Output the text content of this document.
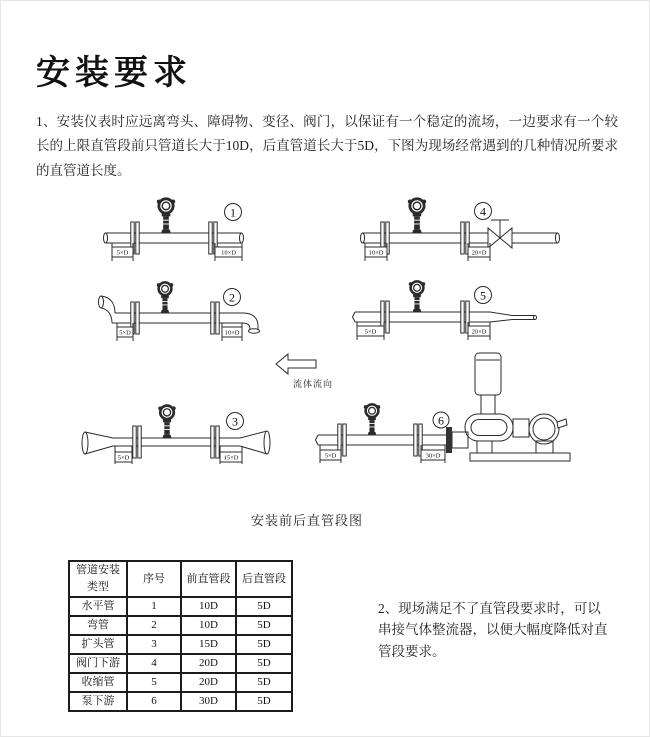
安装要求

1、安装仪表时应远离弯头、障碍物、变径、阀门，以保证有一个稳定的流场，一边要求有一个较长的上限直管段前只管道长大于10D，后直管道长大于5D，下图为现场经常遇到的几种情况所要求的直管道长度。

5×D	10×D
1
10×D	20×D
4
5×D	10×D
2
5×D	20×D
5
流体流向
5×D	15×D
3
5×D	30×D
6
安装前后直管段图
管道安装类型	序号	前直管段	后直管段
水平管	1	10D	5D
弯管	2	10D	5D
扩头管	3	15D	5D
阀门下游	4	20D	5D
收缩管	5	20D	5D
泵下游	6	30D	5D

2、现场满足不了直管段要求时，可以串接气体整流器，以便大幅度降低对直管段要求。
